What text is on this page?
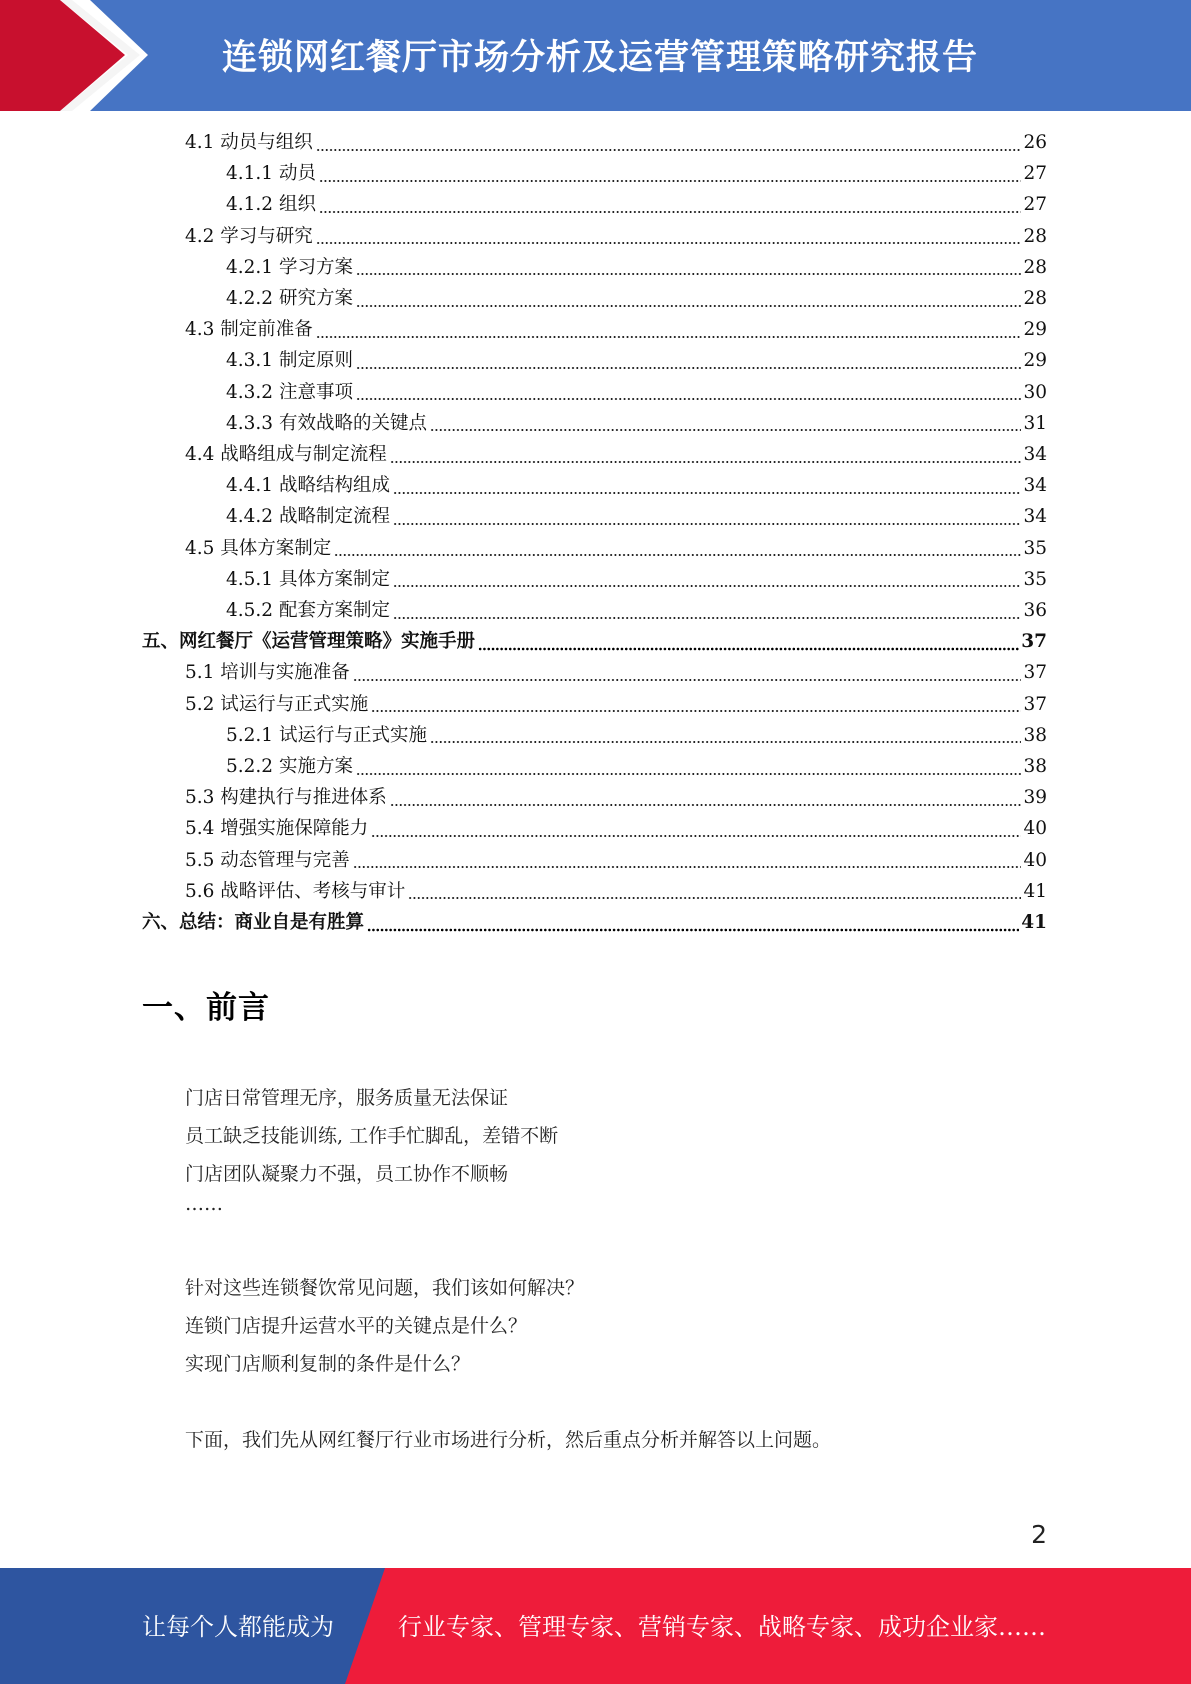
连锁网红餐厅市场分析及运营管理策略研究报告
4.1 动员与组织	26
4.1.1 动员	27
4.1.2 组织	27
4.2 学习与研究	28
4.2.1 学习方案	28
4.2.2 研究方案	28
4.3 制定前准备	29
4.3.1 制定原则	29
4.3.2 注意事项	30
4.3.3 有效战略的关键点	31
4.4 战略组成与制定流程	34
4.4.1 战略结构组成	34
4.4.2 战略制定流程	34
4.5 具体方案制定	35
4.5.1 具体方案制定	35
4.5.2 配套方案制定	36
五、网红餐厅《运营管理策略》实施手册	37
5.1 培训与实施准备	37
5.2 试运行与正式实施	37
5.2.1 试运行与正式实施	38
5.2.2 实施方案	38
5.3 构建执行与推进体系	39
5.4 增强实施保障能力	40
5.5 动态管理与完善	40
5.6 战略评估、考核与审计	41
六、总结：商业自是有胜算	41
一、前言
门店日常管理无序，服务质量无法保证
员工缺乏技能训练, 工作手忙脚乱，差错不断
门店团队凝聚力不强，员工协作不顺畅
……
针对这些连锁餐饮常见问题，我们该如何解决？
连锁门店提升运营水平的关键点是什么？
实现门店顺利复制的条件是什么？
下面，我们先从网红餐厅行业市场进行分析，然后重点分析并解答以上问题。
2
让每个人都能成为	行业专家、管理专家、营销专家、战略专家、成功企业家……
